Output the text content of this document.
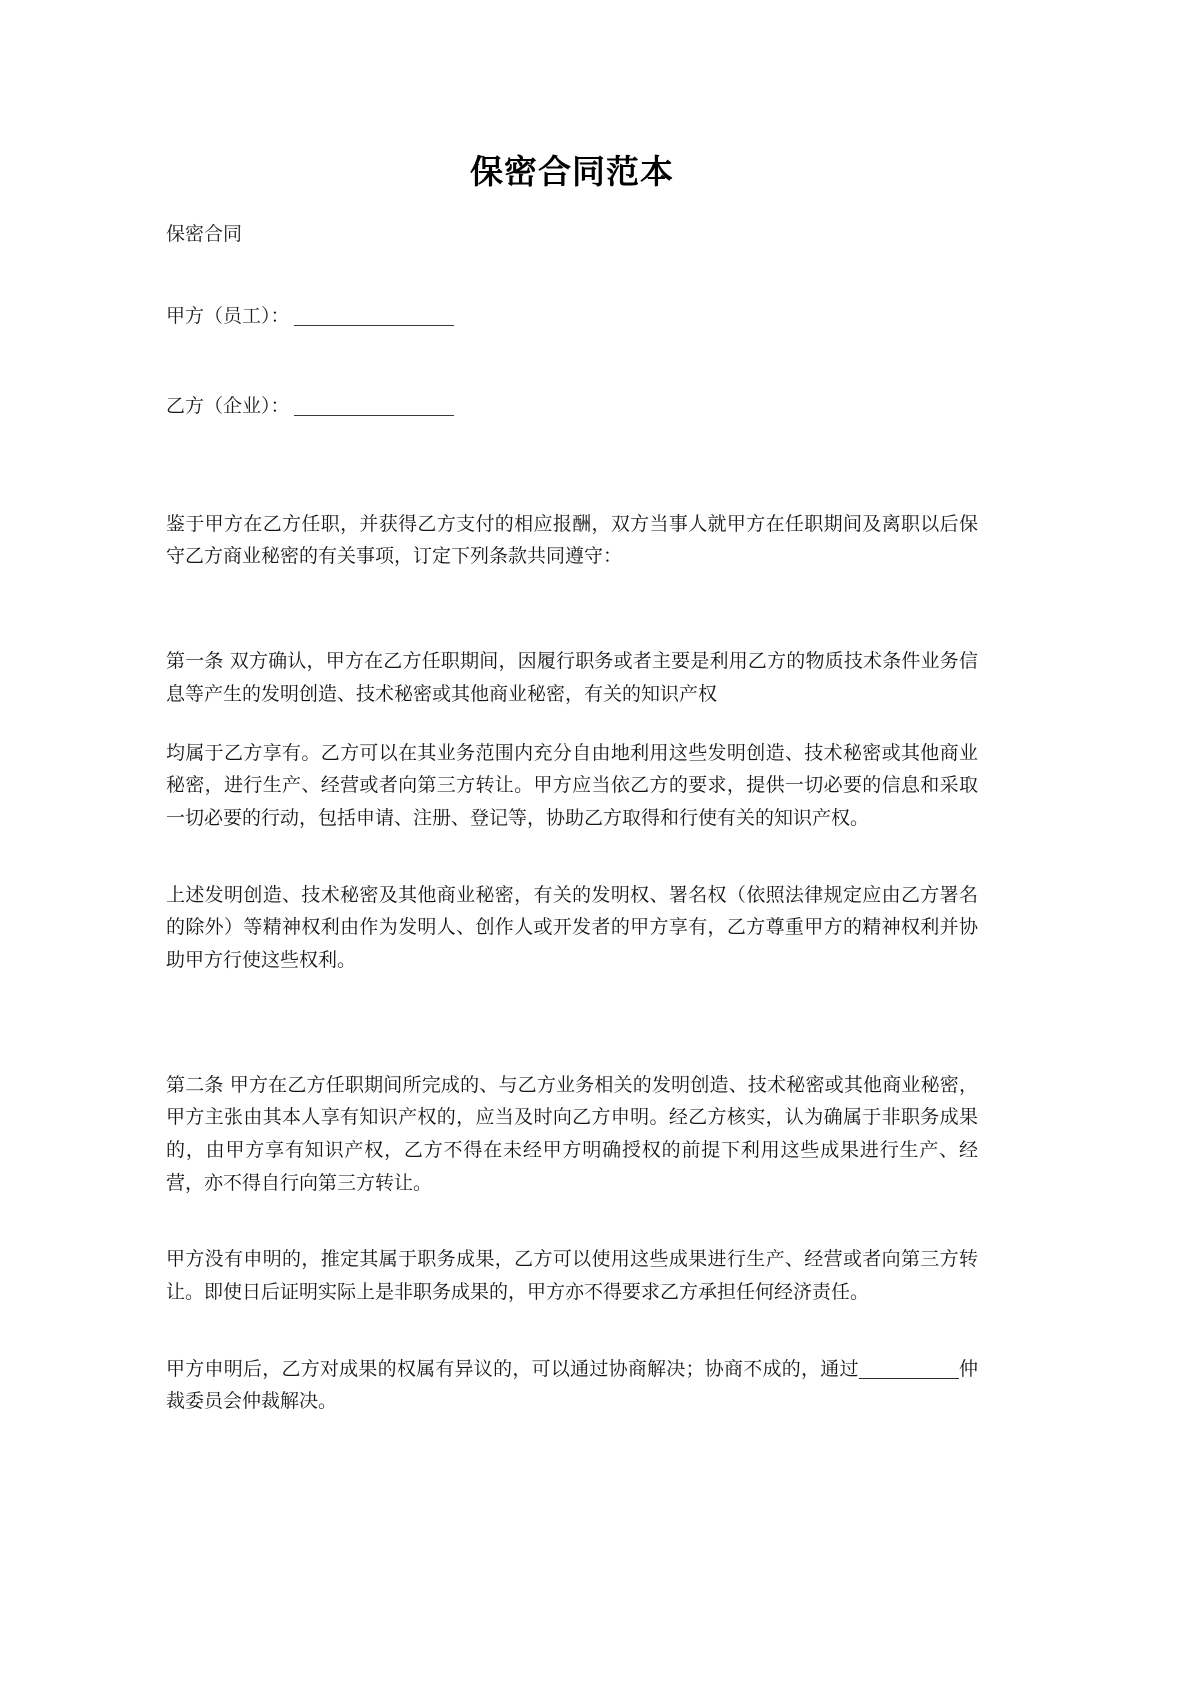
保密合同范本

保密合同

甲方（员工）：
乙方（企业）：

鉴于甲方在乙方任职，并获得乙方支付的相应报酬，双方当事人就甲方在任职期间及离职以后保守乙方商业秘密的有关事项，订定下列条款共同遵守：

第一条 双方确认，甲方在乙方任职期间，因履行职务或者主要是利用乙方的物质技术条件业务信息等产生的发明创造、技术秘密或其他商业秘密，有关的知识产权

均属于乙方享有。乙方可以在其业务范围内充分自由地利用这些发明创造、技术秘密或其他商业秘密，进行生产、经营或者向第三方转让。甲方应当依乙方的要求，提供一切必要的信息和采取一切必要的行动，包括申请、注册、登记等，协助乙方取得和行使有关的知识产权。

上述发明创造、技术秘密及其他商业秘密，有关的发明权、署名权（依照法律规定应由乙方署名的除外）等精神权利由作为发明人、创作人或开发者的甲方享有，乙方尊重甲方的精神权利并协助甲方行使这些权利。

第二条 甲方在乙方任职期间所完成的、与乙方业务相关的发明创造、技术秘密或其他商业秘密，甲方主张由其本人享有知识产权的，应当及时向乙方申明。经乙方核实，认为确属于非职务成果的，由甲方享有知识产权，乙方不得在未经甲方明确授权的前提下利用这些成果进行生产、经营，亦不得自行向第三方转让。

甲方没有申明的，推定其属于职务成果，乙方可以使用这些成果进行生产、经营或者向第三方转让。即使日后证明实际上是非职务成果的，甲方亦不得要求乙方承担任何经济责任。

甲方申明后，乙方对成果的权属有异议的，可以通过协商解决；协商不成的，通过	仲裁委员会仲裁解决。
